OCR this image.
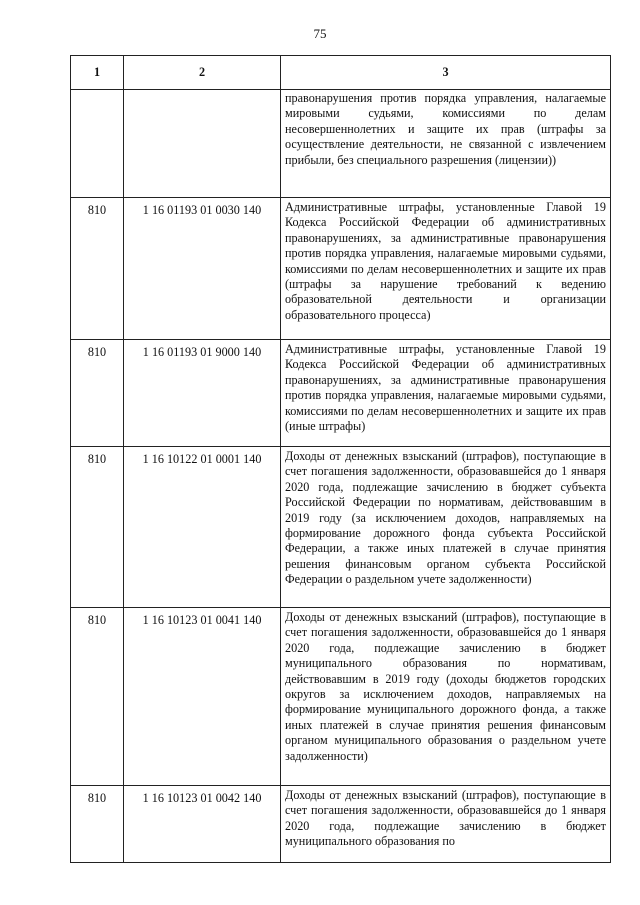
75
1	2	3
		правонарушения против порядка управления, налагаемые мировыми судьями, комиссиями по делам несовершеннолетних и защите их прав (штрафы за осуществление деятельности, не связанной с извлечением прибыли, без специального разрешения (лицензии))
810	1 16 01193 01 0030 140	Административные штрафы, установленные Главой 19 Кодекса Российской Федерации об административных правонарушениях, за административные правонарушения против порядка управления, налагаемые мировыми судьями, комиссиями по делам несовершеннолетних и защите их прав (штрафы за нарушение требований к ведению образовательной деятельности и организации образовательного процесса)
810	1 16 01193 01 9000 140	Административные штрафы, установленные Главой 19 Кодекса Российской Федерации об административных правонарушениях, за административные правонарушения против порядка управления, налагаемые мировыми судьями, комиссиями по делам несовершеннолетних и защите их прав (иные штрафы)
810	1 16 10122 01 0001 140	Доходы от денежных взысканий (штрафов), поступающие в счет погашения задолженности, образовавшейся до 1 января 2020 года, подлежащие зачислению в бюджет субъекта Российской Федерации по нормативам, действовавшим в 2019 году (за исключением доходов, направляемых на формирование дорожного фонда субъекта Российской Федерации, а также иных платежей в случае принятия решения финансовым органом субъекта Российской Федерации о раздельном учете задолженности)
810	1 16 10123 01 0041 140	Доходы от денежных взысканий (штрафов), поступающие в счет погашения задолженности, образовавшейся до 1 января 2020 года, подлежащие зачислению в бюджет муниципального образования по нормативам, действовавшим в 2019 году (доходы бюджетов городских округов за исключением доходов, направляемых на формирование муниципального дорожного фонда, а также иных платежей в случае принятия решения финансовым органом муниципального образования о раздельном учете задолженности)
810	1 16 10123 01 0042 140	Доходы от денежных взысканий (штрафов), поступающие в счет погашения задолженности, образовавшейся до 1 января 2020 года, подлежащие зачислению в бюджет муниципального образования по
